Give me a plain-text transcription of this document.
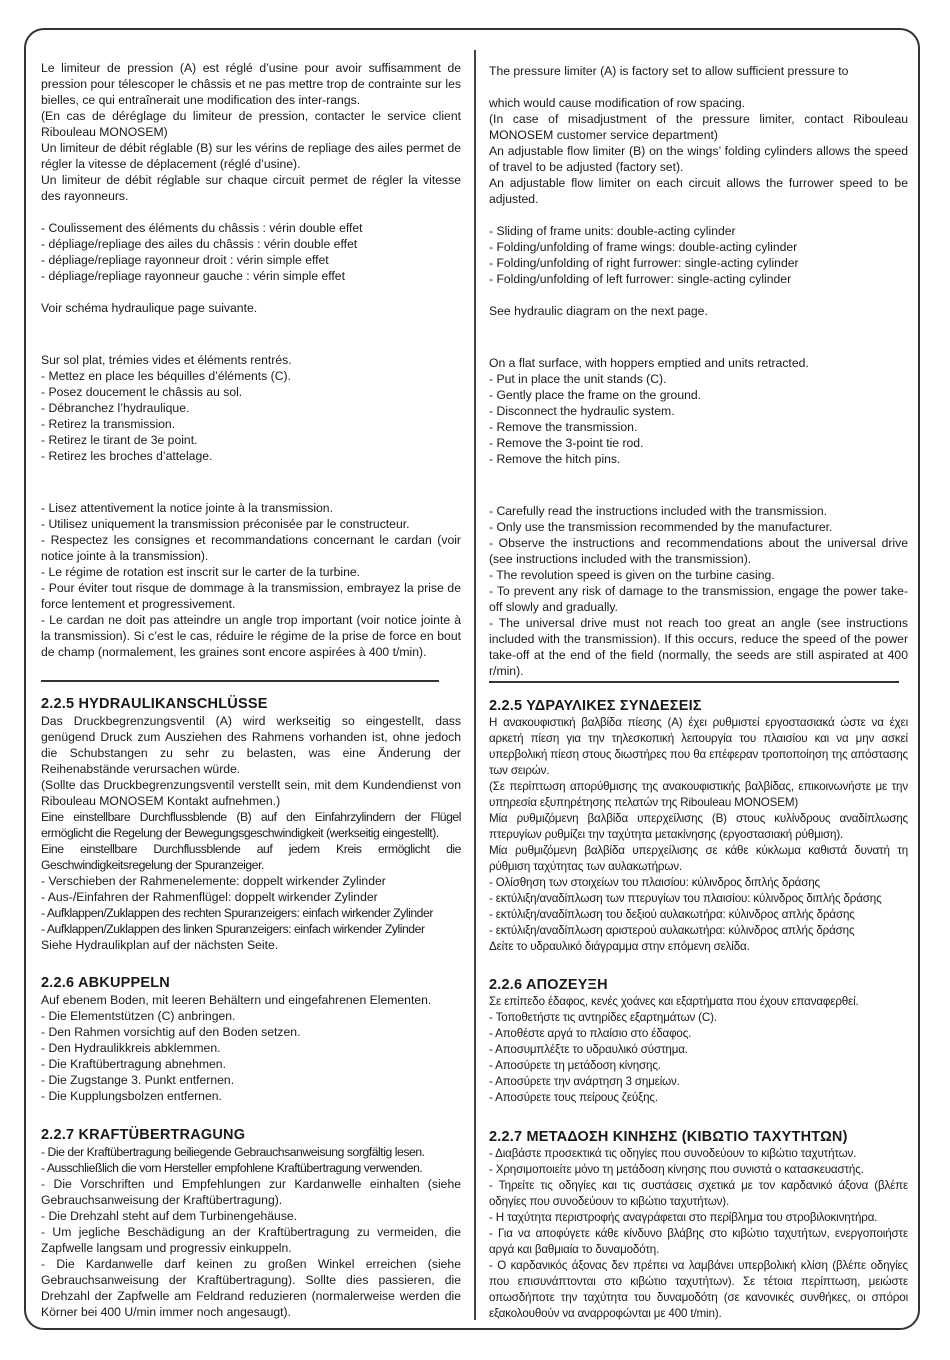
Le limiteur de pression (A) est réglé d’usine pour avoir suffisamment de pression pour télescoper le châssis et ne pas mettre trop de contrainte sur les bielles, ce qui entraînerait une modification des inter-rangs.

(En cas de déréglage du limiteur de pression, contacter le service client Ribouleau MONOSEM)

Un limiteur de débit réglable (B) sur les vérins de repliage des ailes permet de régler la vitesse de déplacement (réglé d’usine).

Un limiteur de débit réglable sur chaque circuit permet de régler la vitesse des rayonneurs.

- Coulissement des éléments du châssis : vérin double effet

- dépliage/repliage des ailes du châssis : vérin double effet

- dépliage/repliage rayonneur droit : vérin simple effet

- dépliage/repliage rayonneur gauche : vérin simple effet

Voir schéma hydraulique page suivante.

Sur sol plat, trémies vides et éléments rentrés.

- Mettez en place les béquilles d’éléments (C).

- Posez doucement le châssis au sol.

- Débranchez l’hydraulique.

- Retirez la transmission.

- Retirez le tirant de 3e point.

- Retirez les broches d’attelage.

- Lisez attentivement la notice jointe à la transmission.

- Utilisez uniquement la transmission préconisée par le constructeur.

- Respectez les consignes et recommandations concernant le cardan (voir notice jointe à la transmission).

- Le régime de rotation est inscrit sur le carter de la turbine.

- Pour éviter tout risque de dommage à la transmission, embrayez la prise de force lentement et progressivement.

- Le cardan ne doit pas atteindre un angle trop important (voir notice jointe à la transmission). Si c’est le cas, réduire le régime de la prise de force en bout de champ (normalement, les graines sont encore aspirées à 400 t/min).

The pressure limiter (A) is factory set to allow sufficient pressure to

which would cause modification of row spacing.

(In case of misadjustment of the pressure limiter, contact Ribouleau MONOSEM customer service department)

An adjustable flow limiter (B) on the wings’ folding cylinders allows the speed of travel to be adjusted (factory set).

An adjustable flow limiter on each circuit allows the furrower speed to be adjusted.

- Sliding of frame units: double-acting cylinder

- Folding/unfolding of frame wings: double-acting cylinder

- Folding/unfolding of right furrower: single-acting cylinder

- Folding/unfolding of left furrower: single-acting cylinder

See hydraulic diagram on the next page.

On a flat surface, with hoppers emptied and units retracted.

- Put in place the unit stands (C).

- Gently place the frame on the ground.

- Disconnect the hydraulic system.

- Remove the transmission.

- Remove the 3-point tie rod.

- Remove the hitch pins.

- Carefully read the instructions included with the transmission.

- Only use the transmission recommended by the manufacturer.

- Observe the instructions and recommendations about the universal drive (see instructions included with the transmission).

- The revolution speed is given on the turbine casing.

- To prevent any risk of damage to the transmission, engage the power take-off slowly and gradually.

- The universal drive must not reach too great an angle (see instructions included with the transmission). If this occurs, reduce the speed of the power take-off at the end of the field (normally, the seeds are still aspirated at 400 r/min).

2.2.5 HYDRAULIKANSCHLÜSSE

Das Druckbegrenzungsventil (A) wird werkseitig so eingestellt, dass genügend Druck zum Ausziehen des Rahmens vorhanden ist, ohne jedoch die Schubstangen zu sehr zu belasten, was eine Änderung der Reihenabstände verursachen würde.

(Sollte das Druckbegrenzungsventil verstellt sein, mit dem Kundendienst von Ribouleau MONOSEM Kontakt aufnehmen.)

Eine einstellbare Durchflussblende (B) auf den Einfahrzylindern der Flügel ermöglicht die Regelung der Bewegungsgeschwindigkeit (werkseitig eingestellt).

Eine einstellbare Durchflussblende auf jedem Kreis ermöglicht die Geschwindigkeitsregelung der Spuranzeiger.

- Verschieben der Rahmenelemente: doppelt wirkender Zylinder

- Aus-/Einfahren der Rahmenflügel: doppelt wirkender Zylinder

- Aufklappen/Zuklappen des rechten Spuranzeigers: einfach wirkender Zylinder

- Aufklappen/Zuklappen des linken Spuranzeigers: einfach wirkender Zylinder

Siehe Hydraulikplan auf der nächsten Seite.

2.2.6 ABKUPPELN

Auf ebenem Boden, mit leeren Behältern und eingefahrenen Elementen.

- Die Elementstützen (C) anbringen.

- Den Rahmen vorsichtig auf den Boden setzen.

- Den Hydraulikkreis abklemmen.

- Die Kraftübertragung abnehmen.

- Die Zugstange 3. Punkt entfernen.

- Die Kupplungsbolzen entfernen.

2.2.7 KRAFTÜBERTRAGUNG

- Die der Kraftübertragung beiliegende Gebrauchsanweisung sorgfältig lesen.

- Ausschließlich die vom Hersteller empfohlene Kraftübertragung verwenden.

- Die Vorschriften und Empfehlungen zur Kardanwelle einhalten (siehe Gebrauchsanweisung der Kraftübertragung).

- Die Drehzahl steht auf dem Turbinengehäuse.

- Um jegliche Beschädigung an der Kraftübertragung zu vermeiden, die Zapfwelle langsam und progressiv einkuppeln.

- Die Kardanwelle darf keinen zu großen Winkel erreichen (siehe Gebrauchsanweisung der Kraftübertragung). Sollte dies passieren, die Drehzahl der Zapfwelle am Feldrand reduzieren (normalerweise werden die Körner bei 400 U/min immer noch angesaugt).

2.2.5 ΥΔΡΑΥΛΙΚΕΣ ΣΥΝΔΕΣΕΙΣ

Η ανακουφιστική βαλβίδα πίεσης (Α) έχει ρυθμιστεί εργοστασιακά ώστε να έχει αρκετή πίεση για την τηλεσκοπική λειτουργία του πλαισίου και να μην ασκεί υπερβολική πίεση στους διωστήρες που θα επέφεραν τροποποίηση της απόστασης των σειρών.

(Σε περίπτωση απορύθμισης της ανακουφιστικής βαλβίδας, επικοινωνήστε με την υπηρεσία εξυπηρέτησης πελατών της Ribouleau MONOSEM)

Μία ρυθμιζόμενη βαλβίδα υπερχείλισης (B) στους κυλίνδρους αναδίπλωσης πτερυγίων ρυθμίζει την ταχύτητα μετακίνησης (εργοστασιακή ρύθμιση).

Μία ρυθμιζόμενη βαλβίδα υπερχείλισης σε κάθε κύκλωμα καθιστά δυνατή τη ρύθμιση ταχύτητας των αυλακωτήρων.

- Ολίσθηση των στοιχείων του πλαισίου: κύλινδρος διπλής δράσης

- εκτύλιξη/αναδίπλωση των πτερυγίων του πλαισίου: κύλινδρος διπλής δράσης

- εκτύλιξη/αναδίπλωση του δεξιού αυλακωτήρα: κύλινδρος απλής δράσης

- εκτύλιξη/αναδίπλωση αριστερού αυλακωτήρα: κύλινδρος απλής δράσης

Δείτε το υδραυλικό διάγραμμα στην επόμενη σελίδα.

2.2.6 ΑΠΟΖΕΥΞΗ

Σε επίπεδο έδαφος, κενές χοάνες και εξαρτήματα που έχουν επαναφερθεί.

- Τοποθετήστε τις αντηρίδες εξαρτημάτων (C).

- Αποθέστε αργά το πλαίσιο στο έδαφος.

- Αποσυμπλέξτε το υδραυλικό σύστημα.

- Αποσύρετε τη μετάδοση κίνησης.

- Αποσύρετε την ανάρτηση 3 σημείων.

- Αποσύρετε τους πείρους ζεύξης.

2.2.7 ΜΕΤΑΔΟΣΗ ΚΙΝΗΣΗΣ (ΚΙΒΩΤΙΟ ΤΑΧΥΤΗΤΩΝ)

- Διαβάστε προσεκτικά τις οδηγίες που συνοδεύουν το κιβώτιο ταχυτήτων.

- Χρησιμοποιείτε μόνο τη μετάδοση κίνησης που συνιστά ο κατασκευαστής.

- Τηρείτε τις οδηγίες και τις συστάσεις σχετικά με τον καρδανικό άξονα (βλέπε οδηγίες που συνοδεύουν το κιβώτιο ταχυτήτων).

- Η ταχύτητα περιστροφής αναγράφεται στο περίβλημα του στροβιλοκινητήρα.

- Για να αποφύγετε κάθε κίνδυνο βλάβης στο κιβώτιο ταχυτήτων, ενεργοποιήστε αργά και βαθμιαία το δυναμοδότη.

- Ο καρδανικός άξονας δεν πρέπει να λαμβάνει υπερβολική κλίση (βλέπε οδηγίες που επισυνάπτονται στο κιβώτιο ταχυτήτων). Σε τέτοια περίπτωση, μειώστε οπωσδήποτε την ταχύτητα του δυναμοδότη (σε κανονικές συνθήκες, οι σπόροι εξακολουθούν να αναρροφώνται με 400 t/min).
